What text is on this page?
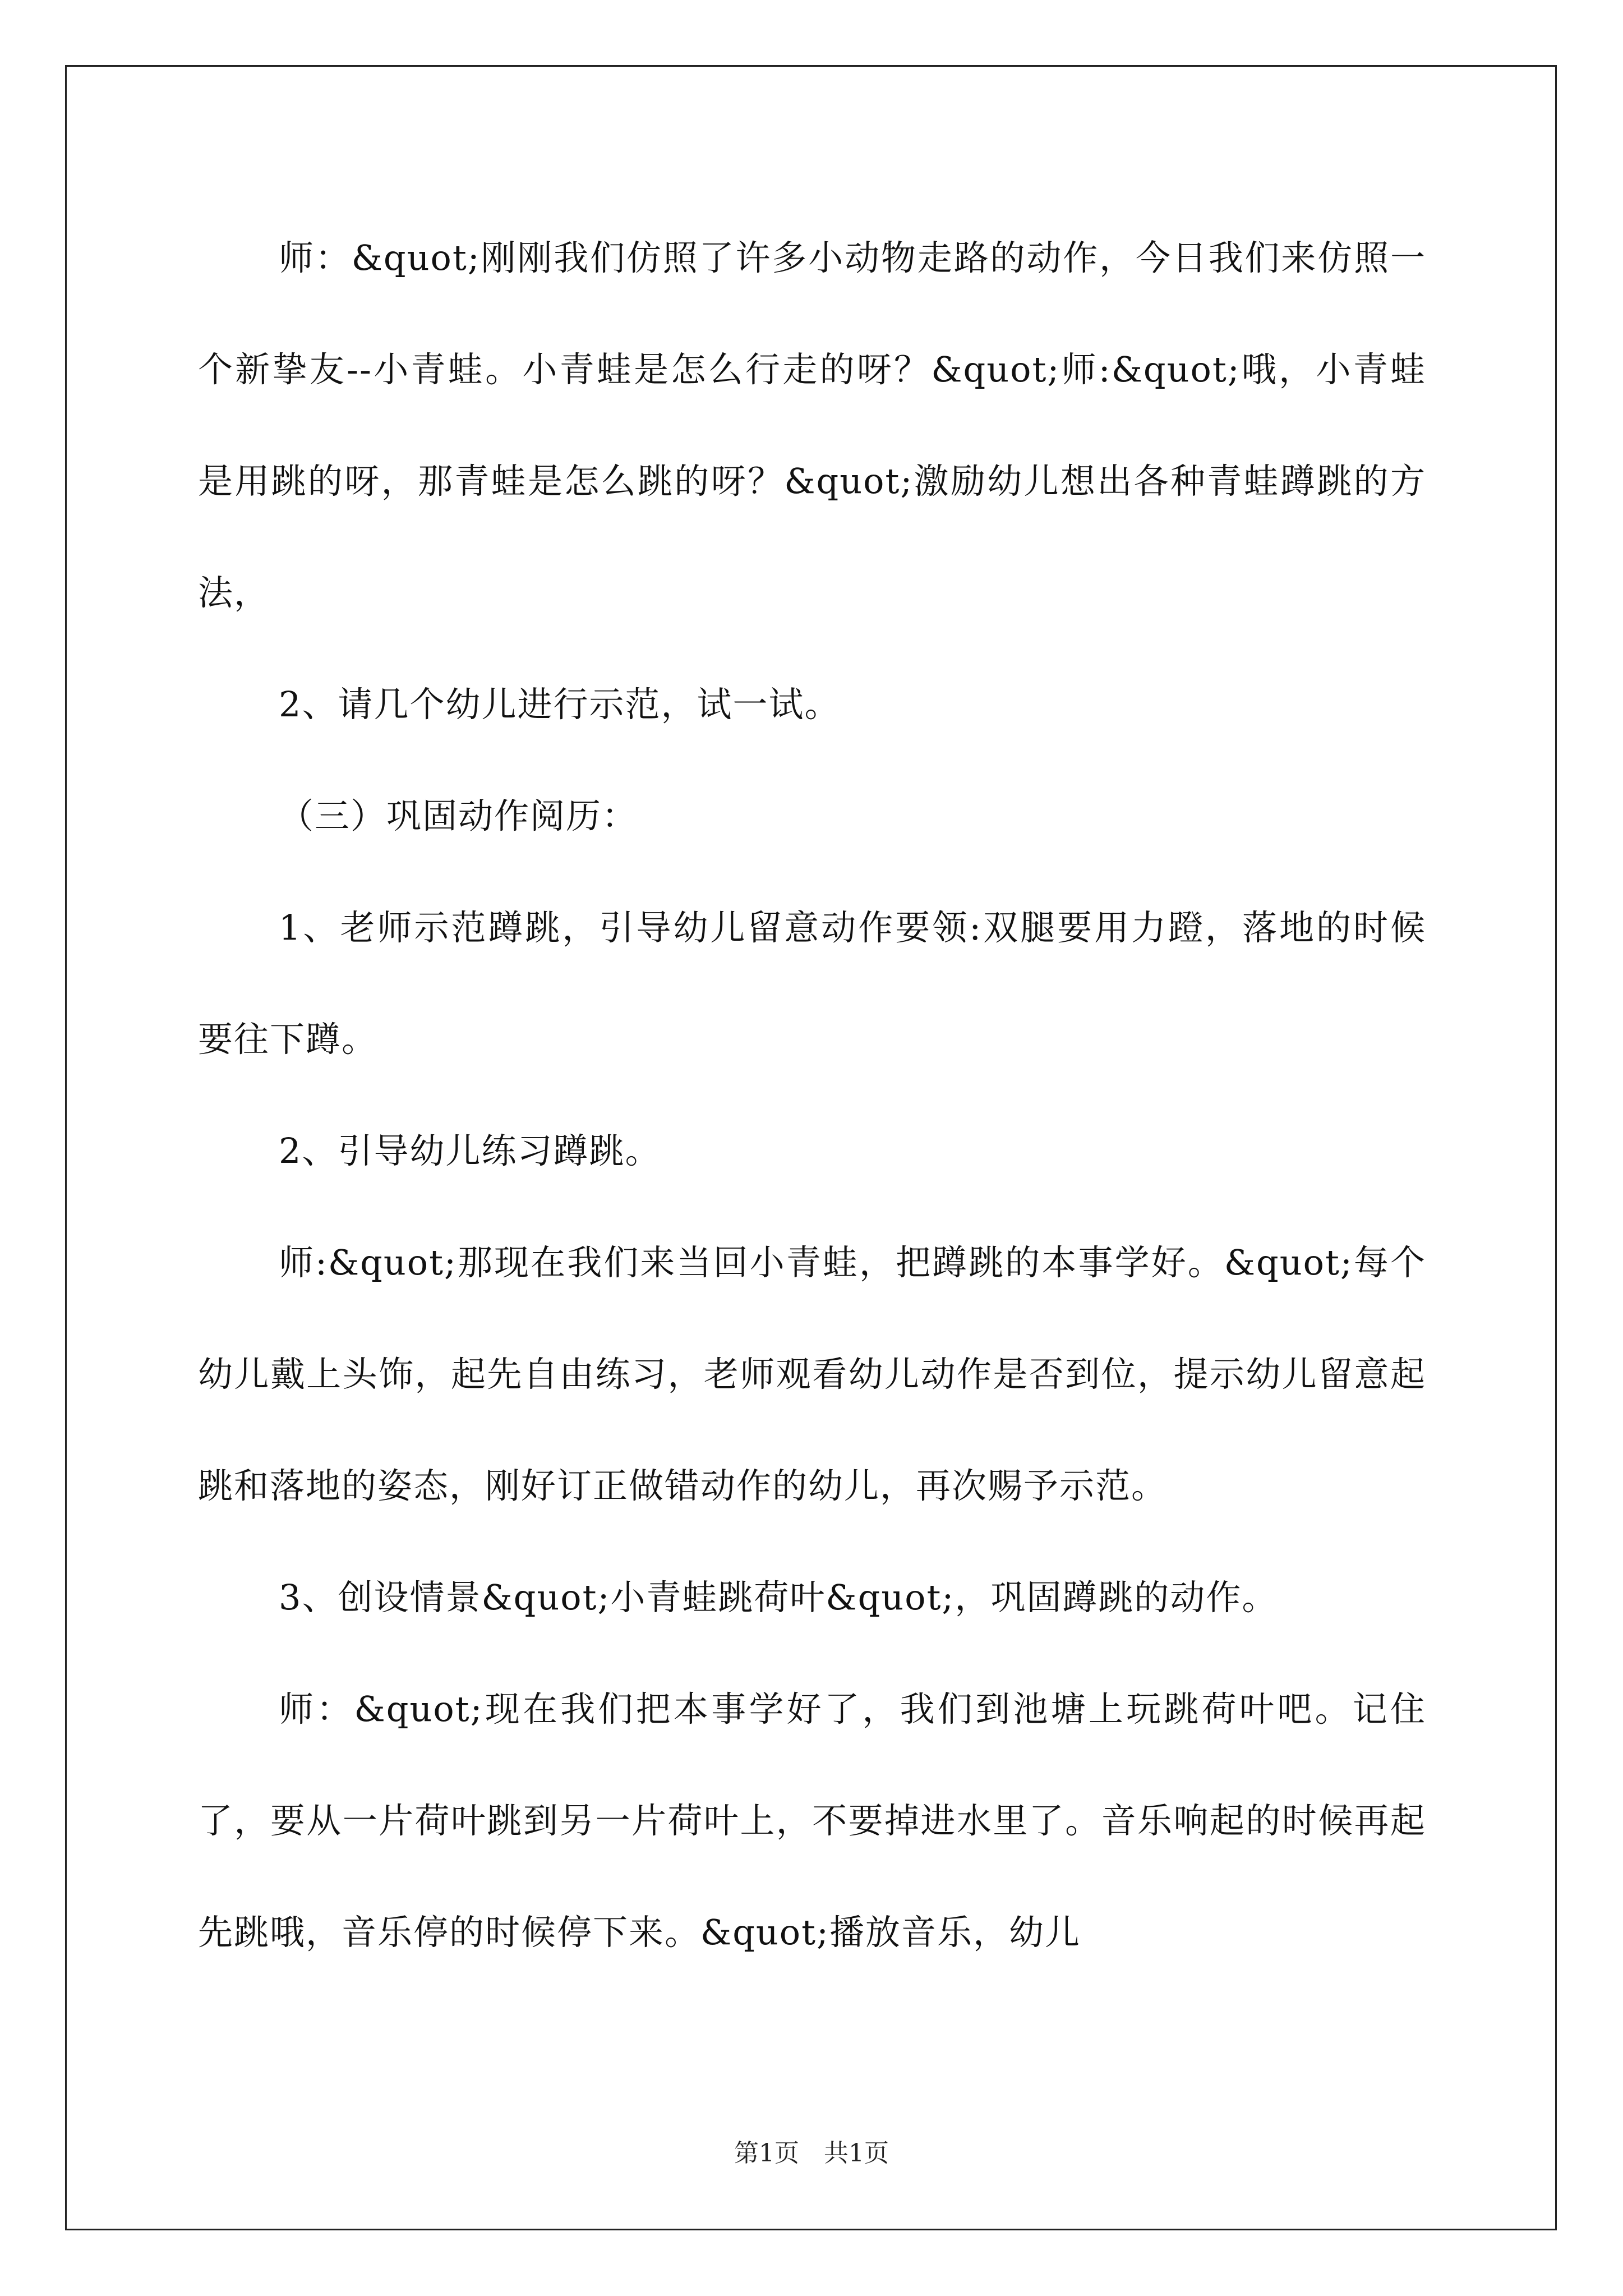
师：&quot;刚刚我们仿照了许多小动物走路的动作，今日我们来仿照一个新挚友--小青蛙。小青蛙是怎么行走的呀？&quot;师:&quot;哦，小青蛙是用跳的呀，那青蛙是怎么跳的呀？&quot;激励幼儿想出各种青蛙蹲跳的方法，

2、请几个幼儿进行示范，试一试。

（三）巩固动作阅历：

1、老师示范蹲跳，引导幼儿留意动作要领:双腿要用力蹬，落地的时候要往下蹲。

2、引导幼儿练习蹲跳。

师:&quot;那现在我们来当回小青蛙，把蹲跳的本事学好。&quot;每个幼儿戴上头饰，起先自由练习，老师观看幼儿动作是否到位，提示幼儿留意起跳和落地的姿态，刚好订正做错动作的幼儿，再次赐予示范。

3、创设情景&quot;小青蛙跳荷叶&quot;，巩固蹲跳的动作。

师：&quot;现在我们把本事学好了，我们到池塘上玩跳荷叶吧。记住了，要从一片荷叶跳到另一片荷叶上，不要掉进水里了。音乐响起的时候再起先跳哦，音乐停的时候停下来。&quot;播放音乐，幼儿

第1页　共1页
